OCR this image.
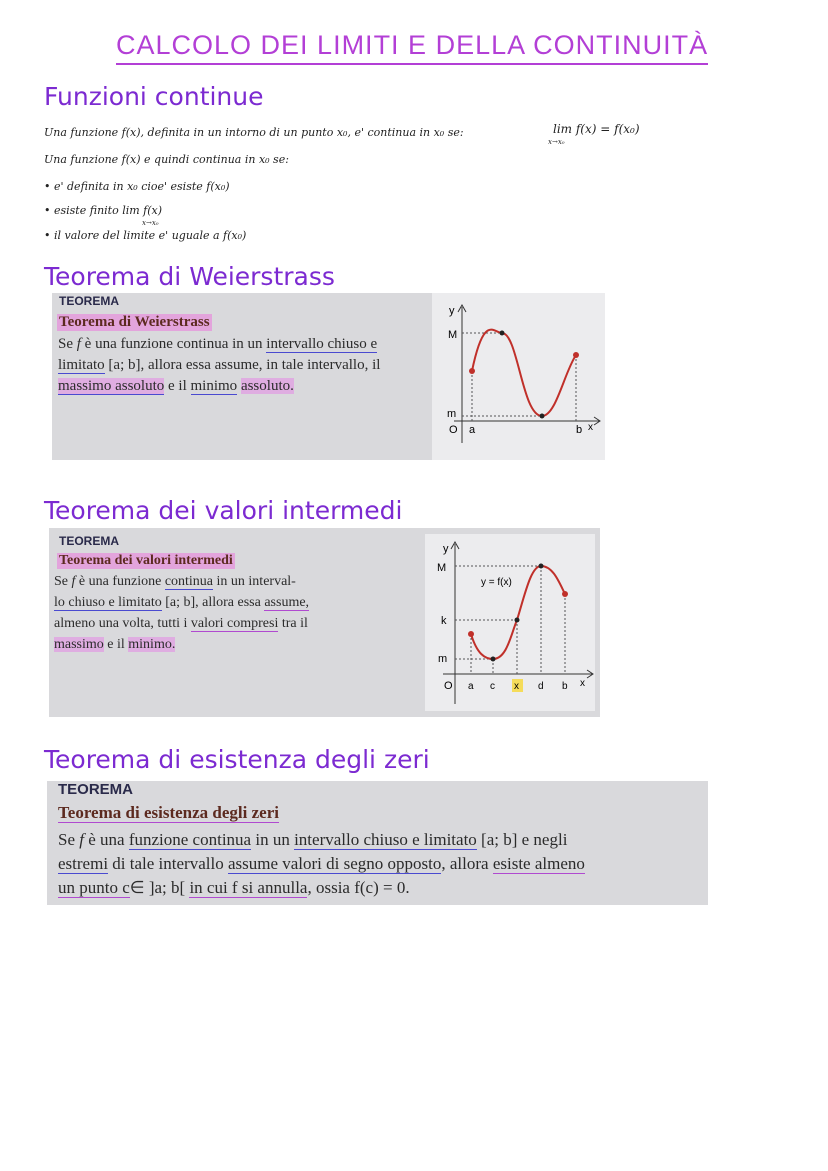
CALCOLO DEI LIMITI E DELLA CONTINUITÀ
Funzioni continue
Una funzione f(x), definita in un intorno di un punto x₀, e' continua in x₀ se:	lim f(x) = f(x₀)
x→x₀
Una funzione f(x) e quindi continua in x₀ se:
• e' definita in x₀ cioe' esiste f(x₀)
• esiste finito lim f(x)
x→x₀
• il valore del limite e' uguale a f(x₀)
Teorema di Weierstrass
TEOREMA
Teorema di Weierstrass
Se f è una funzione continua in un intervallo chiuso e limitato [a; b], allora essa assume, in tale intervallo, il massimo assoluto e il minimo assoluto.
y
M
m
O a	b x
Teorema dei valori intermedi
TEOREMA
Teorema dei valori intermedi
Se f è una funzione continua in un interval-
lo chiuso e limitato [a; b], allora essa assume,
almeno una volta, tutti i valori compresi tra il
massimo e il minimo.
y
M
k
m
O a c x d b x
y = f(x)
Teorema di esistenza degli zeri
TEOREMA
Teorema di esistenza degli zeri
Se f è una funzione continua in un intervallo chiuso e limitato [a; b] e negli
estremi di tale intervallo assume valori di segno opposto, allora esiste almeno
un punto c∈ ]a; b[ in cui f si annulla, ossia f(c) = 0.
